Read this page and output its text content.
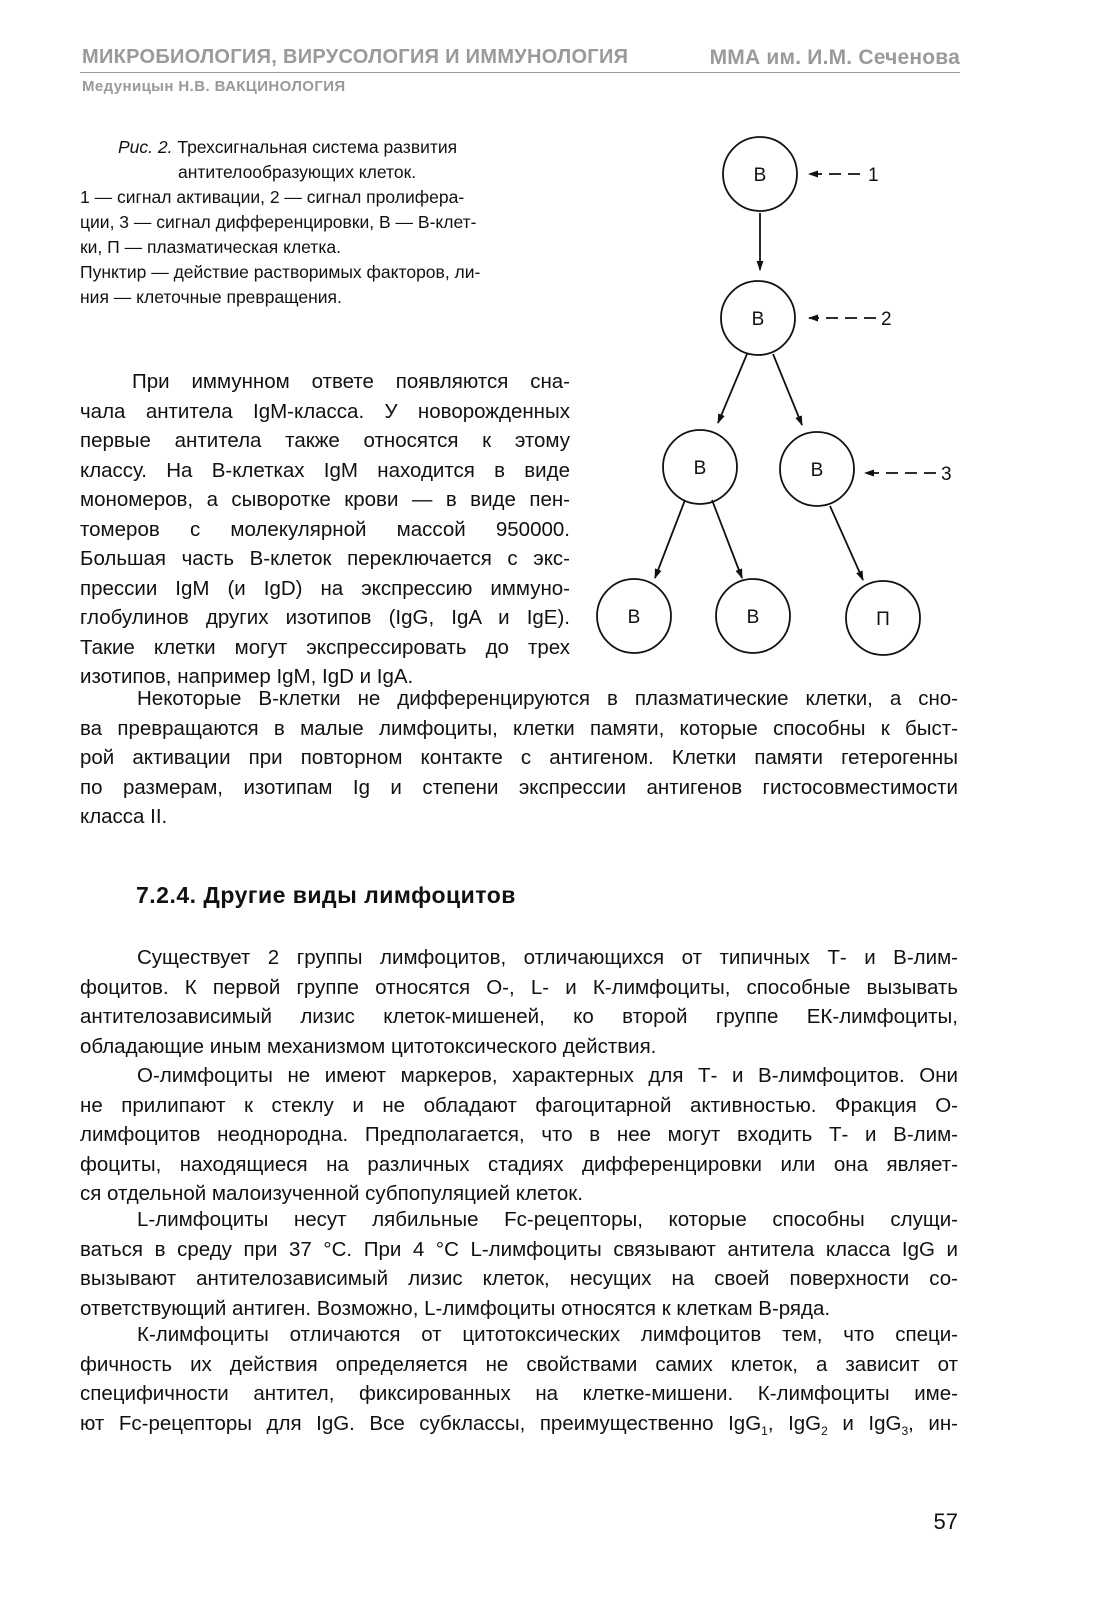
МИКРОБИОЛОГИЯ, ВИРУСОЛОГИЯ И ИММУНОЛОГИЯ	ММА им. И.М. Сеченова
Медуницын Н.В. ВАКЦИНОЛОГИЯ
Рис. 2. Трехсигнальная система развития
антителообразующих клеток.
1 — сигнал активации, 2 — сигнал пролифера-
ции, 3 — сигнал дифференцировки, В — В-клет-
ки, П — плазматическая клетка.
Пунктир — действие растворимых факторов, ли-
ния — клеточные превращения.
В
В
В	В
В	В	П
1
2
3
При иммунном ответе появляются сна-
чала антитела IgM-класса. У новорожденных
первые антитела также относятся к этому
классу. На В-клетках IgM находится в виде
мономеров, а сыворотке крови — в виде пен-
томеров с молекулярной массой 950000.
Большая часть В-клеток переключается с экс-
прессии IgM (и IgD) на экспрессию иммуно-
глобулинов других изотипов (IgG, IgA и IgE).
Такие клетки могут экспрессировать до трех
изотипов, например IgM, IgD и IgA.
Некоторые В-клетки не дифференцируются в плазматические клетки, а сно-
ва превращаются в малые лимфоциты, клетки памяти, которые способны к быст-
рой активации при повторном контакте с антигеном. Клетки памяти гетерогенны
по размерам, изотипам Ig и степени экспрессии антигенов гистосовместимости
класса II.
7.2.4. Другие виды лимфоцитов
Существует 2 группы лимфоцитов, отличающихся от типичных Т- и В-лим-
фоцитов. К первой группе относятся О-, L- и К-лимфоциты, способные вызывать
антителозависимый лизис клеток-мишеней, ко второй группе ЕК-лимфоциты,
обладающие иным механизмом цитотоксического действия.
О-лимфоциты не имеют маркеров, характерных для Т- и В-лимфоцитов. Они
не прилипают к стеклу и не обладают фагоцитарной активностью. Фракция О-
лимфоцитов неоднородна. Предполагается, что в нее могут входить Т- и В-лим-
фоциты, находящиеся на различных стадиях дифференцировки или она являет-
ся отдельной малоизученной субпопуляцией клеток.
L-лимфоциты несут лябильные Fc-рецепторы, которые способны слущи-
ваться в среду при 37 °С. При 4 °С L-лимфоциты связывают антитела класса IgG и
вызывают антителозависимый лизис клеток, несущих на своей поверхности со-
ответствующий антиген. Возможно, L-лимфоциты относятся к клеткам В-ряда.
К-лимфоциты отличаются от цитотоксических лимфоцитов тем, что специ-
фичность их действия определяется не свойствами самих клеток, а зависит от
специфичности антител, фиксированных на клетке-мишени. К-лимфоциты име-
ют Fc-рецепторы для IgG. Все субклассы, преимущественно IgG$_1$, IgG$_2$ и IgG$_3$, ин-
57
